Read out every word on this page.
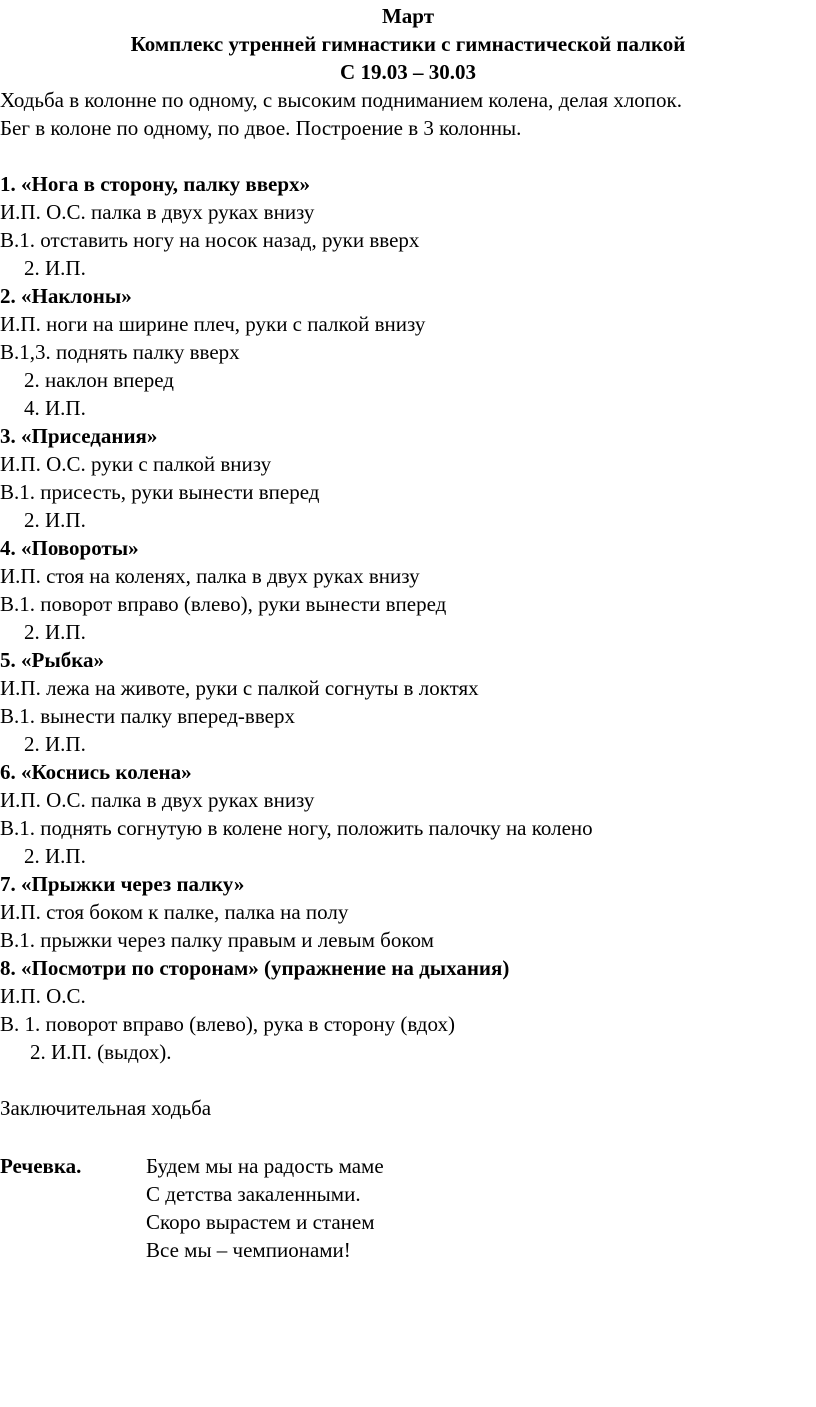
Март
Комплекс утренней гимнастики с гимнастической палкой
С 19.03 – 30.03
Ходьба в колонне по одному, с высоким подниманием колена, делая хлопок.
Бег в колоне по одному, по двое. Построение в 3 колонны.
1. «Нога в сторону, палку вверх»
И.П. О.С. палка в двух руках внизу
В.1. отставить ногу на носок назад, руки вверх
2. И.П.
2. «Наклоны»
И.П. ноги на ширине плеч, руки с палкой внизу
В.1,3. поднять палку вверх
2. наклон вперед
4. И.П.
3. «Приседания»
И.П. О.С. руки с палкой внизу
В.1. присесть, руки вынести вперед
2. И.П.
4. «Повороты»
И.П. стоя на коленях, палка в двух руках внизу
В.1. поворот вправо (влево), руки вынести вперед
2. И.П.
5. «Рыбка»
И.П. лежа на животе, руки с палкой согнуты в локтях
В.1. вынести палку вперед-вверх
2. И.П.
6. «Коснись колена»
И.П. О.С. палка в двух руках внизу
В.1. поднять согнутую в колене ногу, положить палочку на колено
2. И.П.
7. «Прыжки через палку»
И.П. стоя боком к палке, палка на полу
В.1. прыжки через палку правым и левым боком
8. «Посмотри по сторонам» (упражнение на дыхания)
И.П. О.С.
В. 1. поворот вправо (влево), рука в сторону (вдох)
2. И.П. (выдох).
Заключительная ходьба
Речевка.	Будем мы на радость маме
С детства закаленными.
Скоро вырастем и станем
Все мы – чемпионами!
